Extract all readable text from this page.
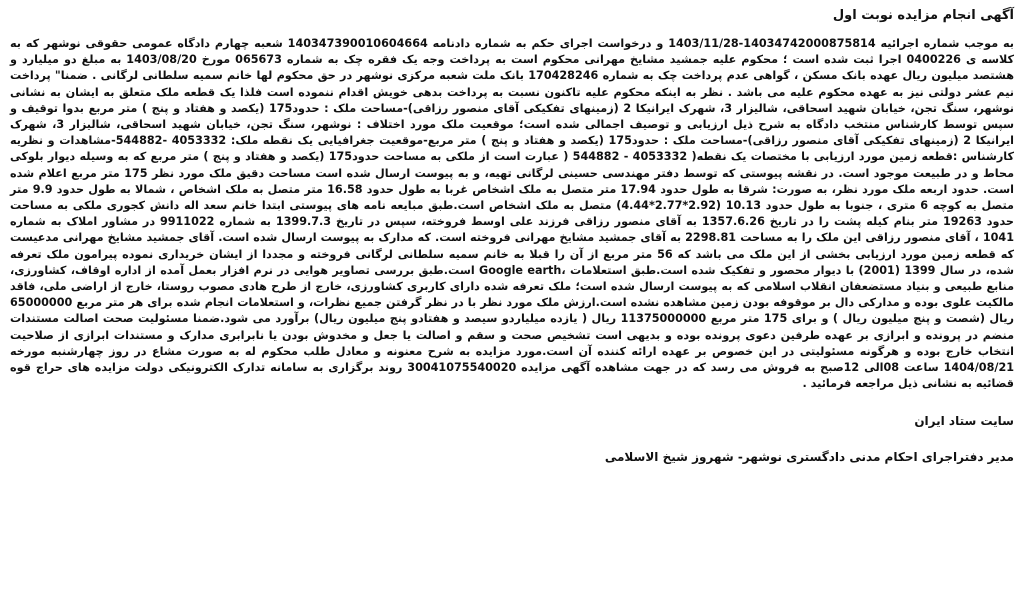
آگهی انجام مزایده نوبت اول

به موجب شماره اجرائیه 14034742000875814-1403/11/28 و درخواست اجرای حکم به شماره دادنامه 140347390010604664 شعبه چهارم دادگاه عمومی حقوقی نوشهر که به کلاسه ی 0400226 اجرا ثبت شده است ؛ محکوم علیه جمشید مشایخ مهرانی محکوم است به پرداخت وجه یک فقره چک به شماره 065673 مورخ 1403/08/20 به مبلغ دو میلیارد و هشتصد میلیون ریال عهده بانک مسکن ، گواهی عدم پرداخت چک به شماره 170428246 بانک ملت شعبه مرکزی نوشهر در حق محکوم لها خانم سمیه سلطانی لرگانی . ضمنا" پرداخت نیم عشر دولتی نیز به عهده محکوم علیه می باشد . نظر به اینکه محکوم علیه تاکنون نسبت به پرداخت بدهی خویش اقدام ننموده است فلذا یک قطعه ملک متعلق به ایشان به نشانی نوشهر، سنگ تجن، خیابان شهید اسحاقی، شالیزار 3، شهرک ایرانیکا 2 (زمینهای تفکیکی آقای منصور رزاقی)-مساحت ملک : حدود175 (یکصد و هفتاد و پنج ) متر مربع بدوا توقیف و سپس توسط کارشناس منتخب دادگاه به شرح ذیل ارزیابی و توصیف اجمالی شده است؛ موقعیت ملک مورد اختلاف : نوشهر، سنگ تجن، خیابان شهید اسحاقی، شالیزار 3، شهرک ایرانیکا 2 (زمینهای تفکیکی آقای منصور رزاقی)-مساحت ملک : حدود175 (یکصد و هفتاد و پنج ) متر مربع-موقعیت جغرافیایی یک نقطه ملک: 4053332 -544882-مشاهدات و نظریه کارشناس :قطعه زمین مورد ارزیابی با مختصات یک نقطه( 4053332 - 544882 ( عبارت است از ملکی به مساحت حدود175 (یکصد و هفتاد و پنج ) متر مربع که به وسیله دیوار بلوکی محاط و در طبیعت موجود است. در نقشه پیوستی که توسط دفتر مهندسی حسینی لرگانی تهیه، و به پیوست ارسال شده است مساحت دقیق ملک مورد نظر 175 متر مربع اعلام شده است. حدود اربعه ملک مورد نظر، به صورت: شرقا به طول حدود 17.94 متر متصل به ملک اشخاص غربا به طول حدود 16.58 متر متصل به ملک اشخاص ، شمالا به طول حدود 9.9 متر متصل به کوچه 6 متری ، جنوبا به طول حدود 10.13 (2.92*2.77*4.44) متصل به ملک اشخاص است.طبق مبایعه نامه های پیوستی ابتدا خانم سعد اله دانش کجوری ملکی به مساحت حدود 19263 متر بنام کیله پشت را در تاریخ 1357.6.26 به آقای منصور رزاقی فرزند علی اوسط فروخته، سپس در تاریخ 1399.7.3 به شماره 9911022 در مشاور املاک به شماره 1041 ، آقای منصور رزاقی این ملک را به مساحت 2298.81 به آقای جمشید مشایخ مهرانی فروخته است. که مدارک به پیوست ارسال شده است. آقای جمشید مشایخ مهرانی مدعیست که قطعه زمین مورد ارزیابی بخشی از این ملک می باشد که 56 متر مربع از آن را قبلا به خانم سمیه سلطانی لرگانی فروخته و مجددا از ایشان خریداری نموده پیرامون ملک تعرفه شده، در سال 1399 (2001) با دیوار محصور و تفکیک شده است.طبق استعلامات ،Google earth است.طبق بررسی تصاویر هوایی در نرم افزار بعمل آمده از اداره اوقاف، کشاورزی، منابع طبیعی و بنیاد مستضعفان انقلاب اسلامی که به پیوست ارسال شده است؛ ملک تعرفه شده دارای کاربری کشاورزی، خارج از طرح هادی مصوب روستا، خارج از اراضی ملی، فاقد مالکیت علوی بوده و مدارکی دال بر موقوفه بودن زمین مشاهده نشده است.ارزش ملک مورد نظر با در نظر گرفتن جمیع نظرات، و استعلامات انجام شده برای هر متر مربع 65000000 ریال (شصت و پنج میلیون ریال ) و برای 175 متر مربع 11375000000 ریال ( یازده میلیاردو سیصد و هفتادو پنج میلیون ریال) برآورد می شود.ضمنا مسئولیت صحت اصالت مستندات منضم در پرونده و ابرازی بر عهده طرفین دعوی پرونده بوده و بدیهی است تشخیص صحت و سقم و اصالت یا جعل و مخدوش بودن یا نابرابری مدارک و مستندات ابرازی از صلاحیت انتخاب خارج بوده و هرگونه مسئولیتی در این خصوص بر عهده ارائه کننده آن است.مورد مزایده به شرح معنونه و معادل طلب محکوم له به صورت مشاع در روز چهارشنبه مورخه 1404/08/21 ساعت 08الی 12صبح به فروش می رسد که در جهت مشاهده آگهی مزایده 30041075540020 روند برگزاری به سامانه تدارک الکترونیکی دولت مزایده های حراج قوه قضائیه به نشانی ذیل مراجعه فرمائید .

سایت ستاد ایران
مدیر دفتراجرای احکام مدنی دادگستری نوشهر- شهروز شیخ الاسلامی
